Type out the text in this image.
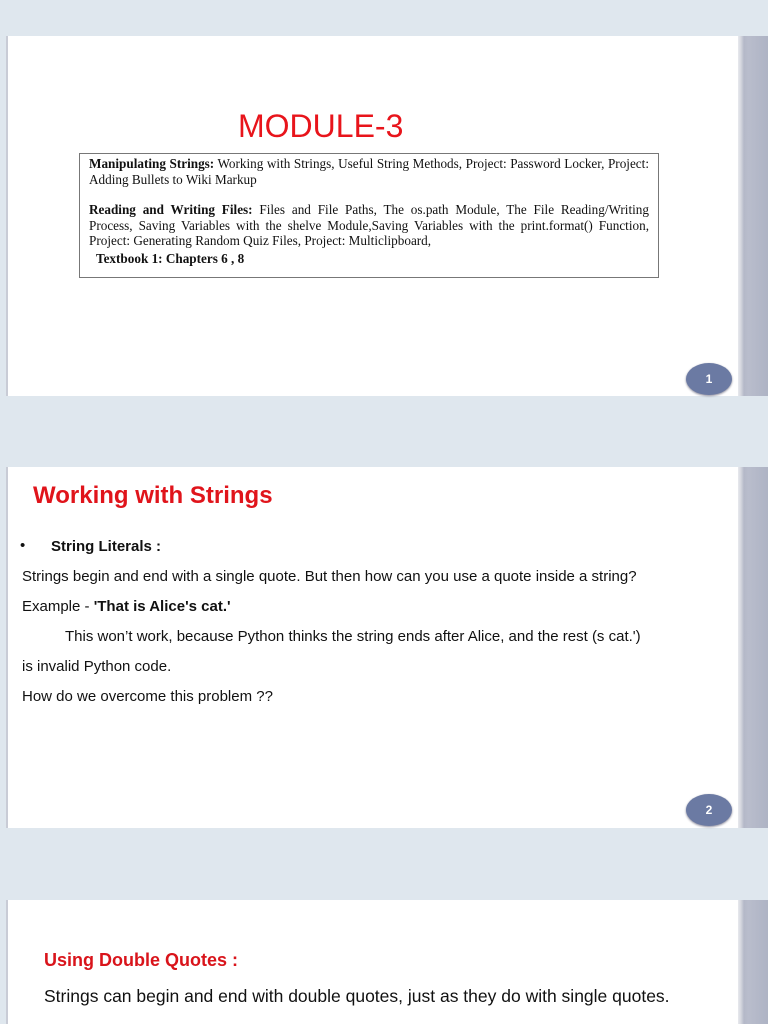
MODULE-3

Manipulating Strings: Working with Strings, Useful String Methods, Project: Password Locker, Project: Adding Bullets to Wiki Markup

Reading and Writing Files: Files and File Paths, The os.path Module, The File Reading/Writing Process, Saving Variables with the shelve Module,Saving Variables with the print.format() Function, Project: Generating Random Quiz Files, Project: Multiclipboard,

Textbook 1: Chapters 6 , 8
1
Working with Strings
• String Literals :
Strings begin and end with a single quote. But then how can you use a quote inside a string?
Example - 'That is Alice's cat.'
This won’t work, because Python thinks the string ends after Alice, and the rest (s cat.')
is invalid Python code.
How do we overcome this problem ??
2
Using Double Quotes :
Strings can begin and end with double quotes, just as they do with single quotes.
